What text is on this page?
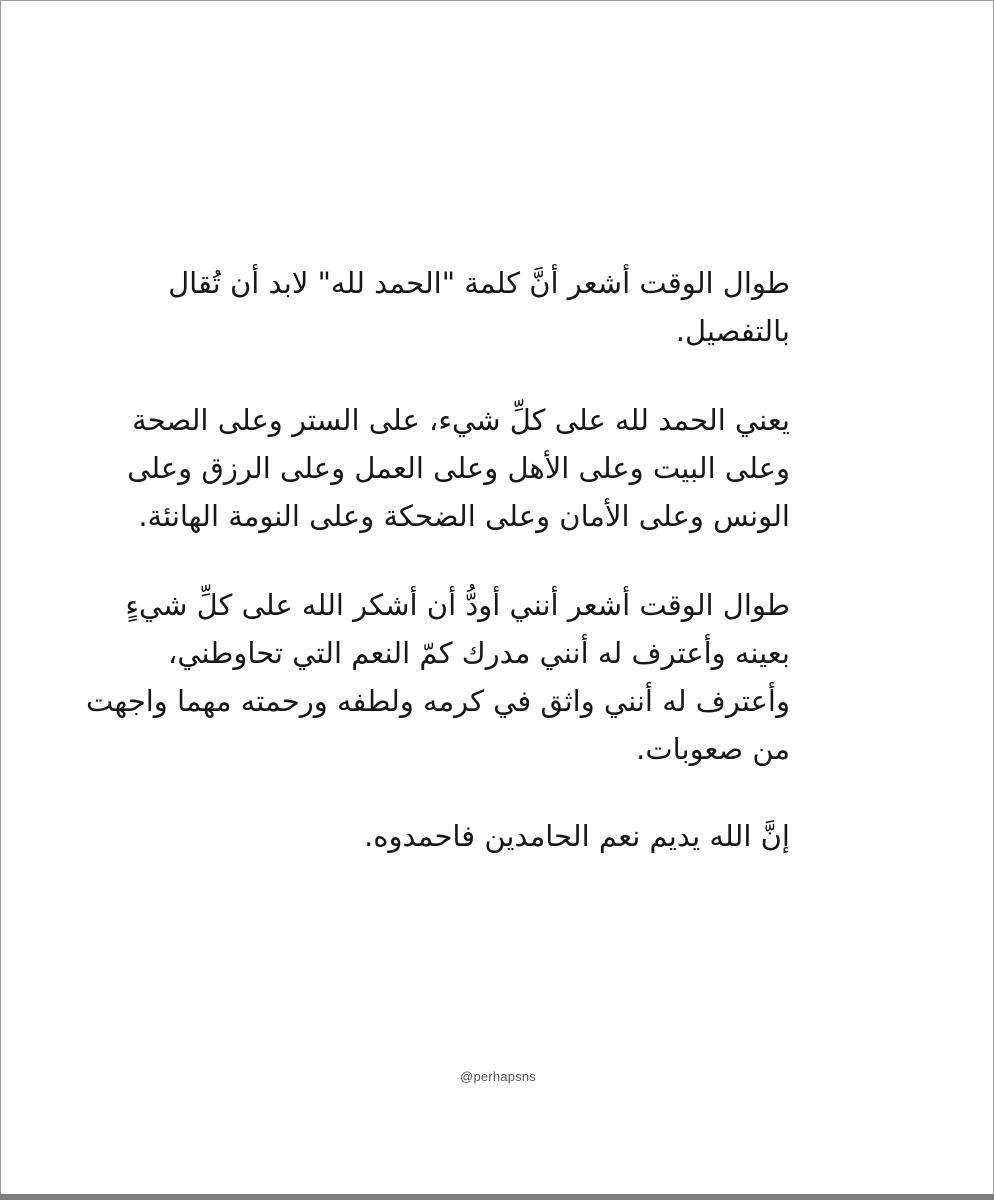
طوال الوقت أشعر أنَّ كلمة "الحمد لله" لابد أن تُقال
بالتفصيل.

يعني الحمد لله على كلِّ شيء، على الستر وعلى الصحة
وعلى البيت وعلى الأهل وعلى العمل وعلى الرزق وعلى
الونس وعلى الأمان وعلى الضحكة وعلى النومة الهانئة.

طوال الوقت أشعر أنني أودُّ أن أشكر الله على كلِّ شيءٍ
بعينه وأعترف له أنني مدرك كمّ النعم التي تحاوطني،
وأعترف له أنني واثق في كرمه ولطفه ورحمته مهما واجهت
من صعوبات.

إنَّ الله يديم نعم الحامدين فاحمدوه.

@perhapsns
